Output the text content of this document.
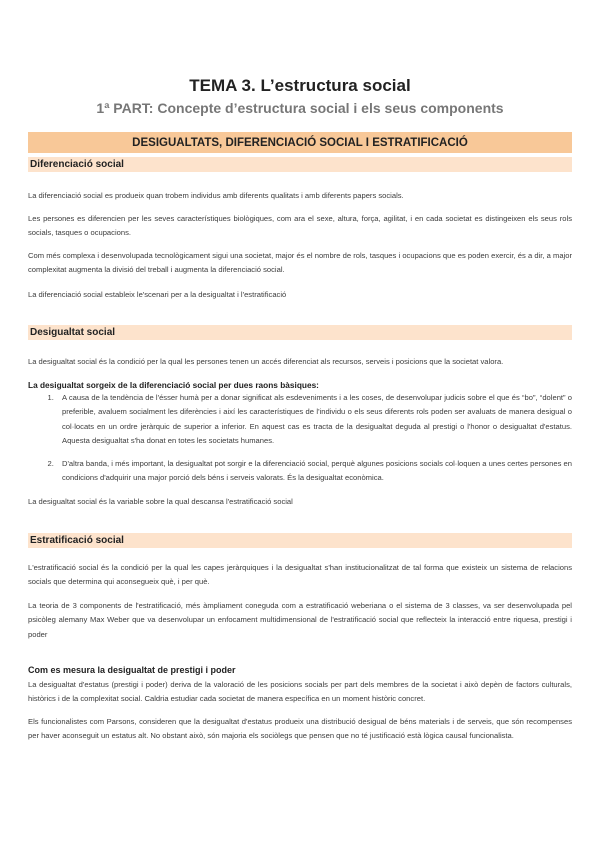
TEMA 3. L’estructura social
1ª PART: Concepte d’estructura social i els seus components
DESIGUALTATS, DIFERENCIACIÓ SOCIAL I ESTRATIFICACIÓ
Diferenciació social

La diferenciació social es produeix quan trobem individus amb diferents qualitats i amb diferents papers socials.

Les persones es diferencien per les seves característiques biològiques, com ara el sexe, altura, força, agilitat, i en cada societat es distingeixen els seus rols socials, tasques o ocupacions.

Com més complexa i desenvolupada tecnològicament sigui una societat, major és el nombre de rols, tasques i ocupacions que es poden exercir, és a dir, a major complexitat augmenta la divisió del treball i augmenta la diferenciació social.

La diferenciació social estableix le'scenari per a la desigualtat i l'estratificació

Desigualtat social

La desigualtat social és la condició per la qual les persones tenen un accés diferenciat als recursos, serveis i posicions que la societat valora.

La desigualtat sorgeix de la diferenciació social per dues raons bàsiques:

1. A causa de la tendència de l'ésser humà per a donar significat als esdeveniments i a les coses, de desenvolupar judicis sobre el que és “bo”, “dolent” o preferible, avaluem socialment les diferències i així les característiques de l'individu o els seus diferents rols poden ser avaluats de manera desigual o col·locats en un ordre jeràrquic de superior a inferior. En aquest cas es tracta de la desigualtat deguda al prestigi o l'honor o desigualtat d'estatus. Aquesta desigualtat s'ha donat en totes les societats humanes.
2. D'altra banda, i més important, la desigualtat pot sorgir e la diferenciació social, perquè algunes posicions socials col·loquen a unes certes persones en condicions d'adquirir una major porció dels béns i serveis valorats. És la desigualtat econòmica.

La desigualtat social és la variable sobre la qual descansa l'estratificació social

Estratificació social

L'estratificació social és la condició per la qual les capes jeràrquiques i la desigualtat s'han institucionalitzat de tal forma que existeix un sistema de relacions socials que determina qui aconsegueix què, i per què.

La teoria de 3 components de l'estratificació, més àmpliament coneguda com a estratificació weberiana o el sistema de 3 classes, va ser desenvolupada pel psicòleg alemany Max Weber que va desenvolupar un enfocament multidimensional de l'estratificació social que reflecteix la interacció entre riquesa, prestigi i poder

Com es mesura la desigualtat de prestigi i poder

La desigualtat d'estatus (prestigi i poder) deriva de la valoració de les posicions socials per part dels membres de la societat i això depèn de factors culturals, històrics i de la complexitat social. Caldria estudiar cada societat de manera específica en un moment històric concret.

Els funcionalistes com Parsons, consideren que la desigualtat d'estatus produeix una distribució desigual de béns materials i de serveis, que són recompenses per haver aconseguit un estatus alt. No obstant això, són majoria els sociòlegs que pensen que no té justificació està lògica causal funcionalista.
